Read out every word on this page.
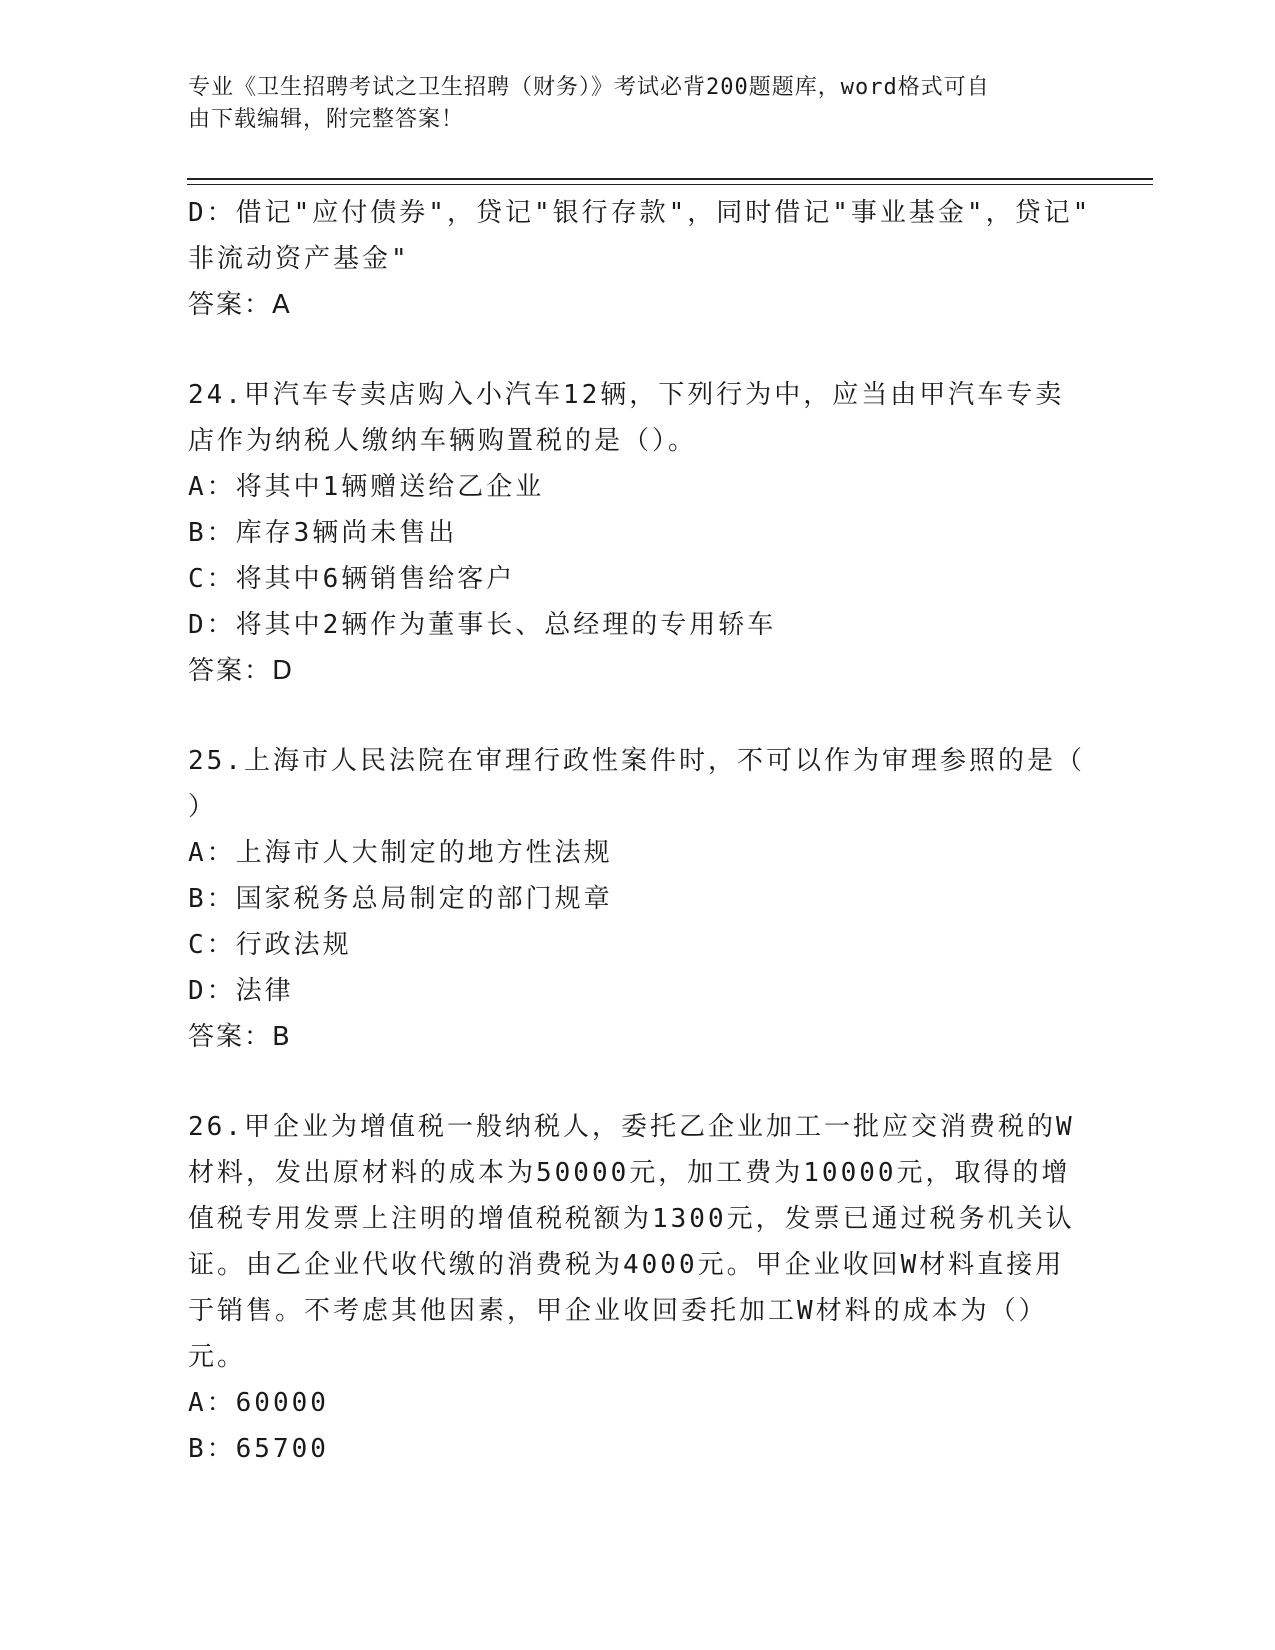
专业《卫生招聘考试之卫生招聘（财务）》考试必背200题题库，word格式可自
由下载编辑，附完整答案！
D：借记"应付债券"，贷记"银行存款"，同时借记"事业基金"，贷记"
非流动资产基金"
答案：A
24.甲汽车专卖店购入小汽车12辆，下列行为中，应当由甲汽车专卖
店作为纳税人缴纳车辆购置税的是（）。
A：将其中1辆赠送给乙企业
B：库存3辆尚未售出
C：将其中6辆销售给客户
D：将其中2辆作为董事长、总经理的专用轿车
答案：D
25.上海市人民法院在审理行政性案件时，不可以作为审理参照的是（
）
A：上海市人大制定的地方性法规
B：国家税务总局制定的部门规章
C：行政法规
D：法律
答案：B
26.甲企业为增值税一般纳税人，委托乙企业加工一批应交消费税的W
材料，发出原材料的成本为50000元，加工费为10000元，取得的增
值税专用发票上注明的增值税税额为1300元，发票已通过税务机关认
证。由乙企业代收代缴的消费税为4000元。甲企业收回W材料直接用
于销售。不考虑其他因素，甲企业收回委托加工W材料的成本为（）
元。
A：60000
B：65700
